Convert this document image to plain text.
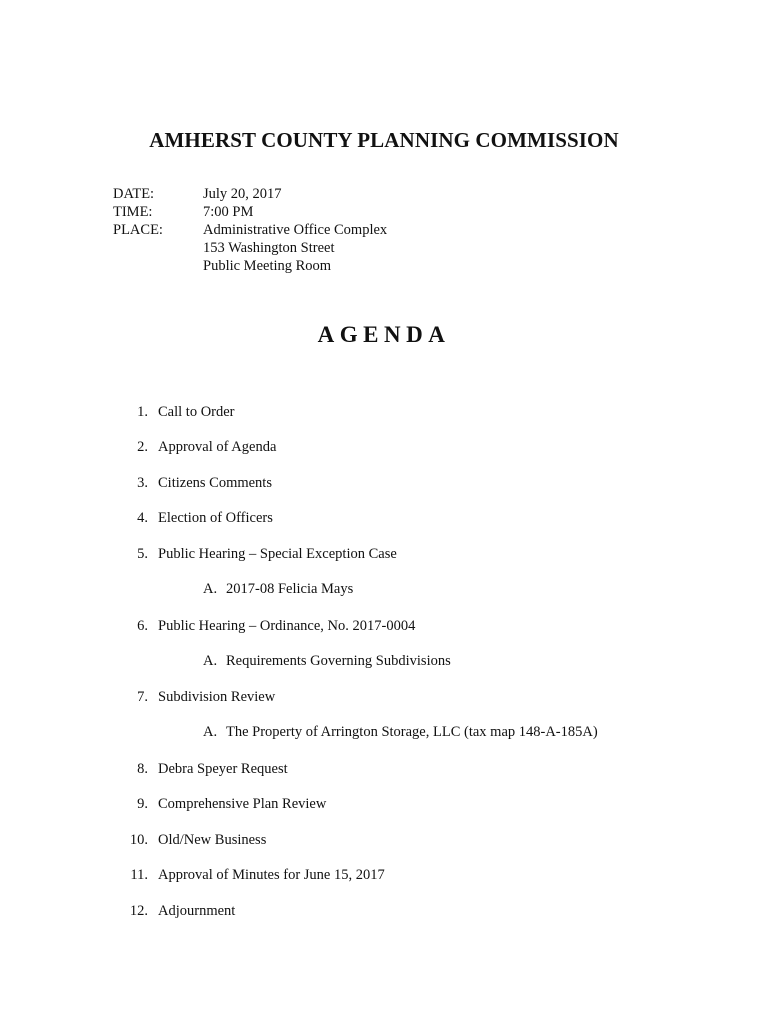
AMHERST COUNTY PLANNING COMMISSION
DATE:	July 20, 2017
TIME:	7:00 PM
PLACE:	Administrative Office Complex
153 Washington Street
Public Meeting Room
AGENDA
1. Call to Order
2. Approval of Agenda
3. Citizens Comments
4. Election of Officers
5. Public Hearing – Special Exception Case
A. 2017-08 Felicia Mays
6. Public Hearing – Ordinance, No. 2017-0004
A. Requirements Governing Subdivisions
7. Subdivision Review
A. The Property of Arrington Storage, LLC (tax map 148-A-185A)
8. Debra Speyer Request
9. Comprehensive Plan Review
10. Old/New Business
11. Approval of Minutes for June 15, 2017
12. Adjournment
